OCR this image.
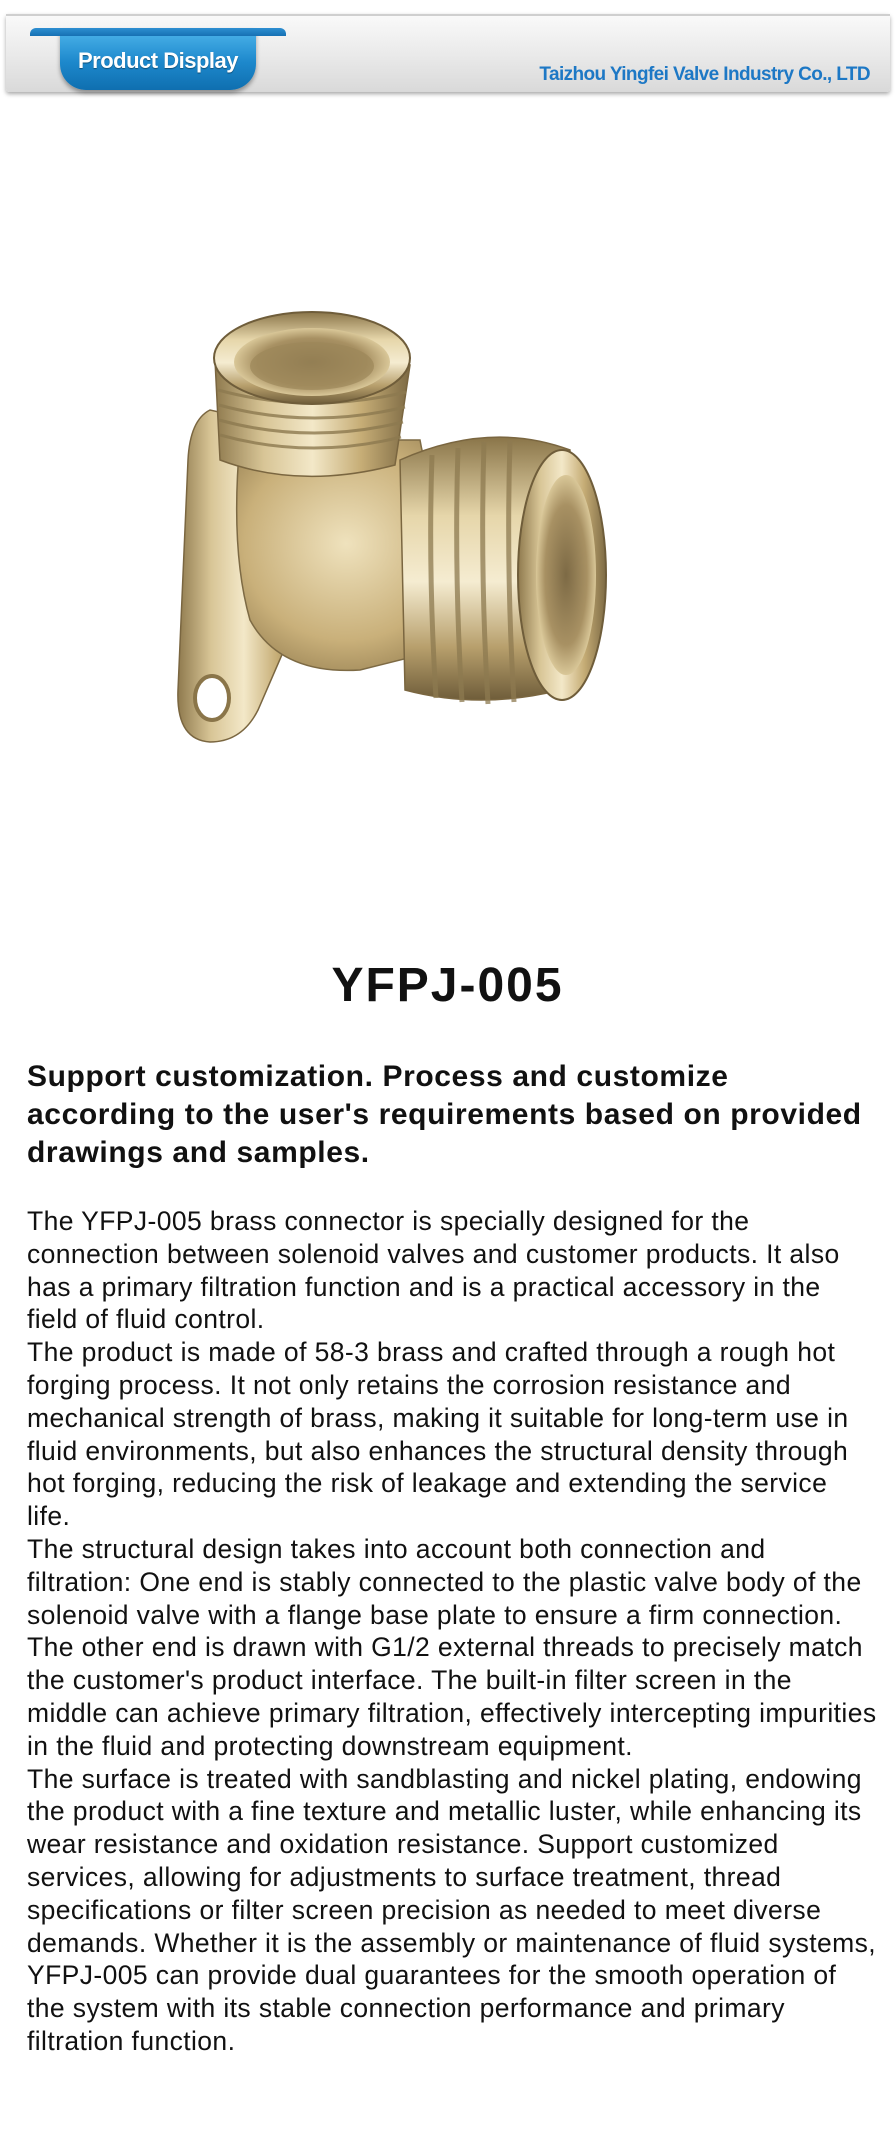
Product Display
Taizhou Yingfei Valve Industry Co., LTD
YFPJ-005
Support customization. Process and customize according to the user's requirements based on provided drawings and samples.

The YFPJ-005 brass connector is specially designed for the connection between solenoid valves and customer products. It also has a primary filtration function and is a practical accessory in the field of fluid control.

The product is made of 58-3 brass and crafted through a rough hot forging process. It not only retains the corrosion resistance and mechanical strength of brass, making it suitable for long-term use in fluid environments, but also enhances the structural density through hot forging, reducing the risk of leakage and extending the service life.

The structural design takes into account both connection and filtration: One end is stably connected to the plastic valve body of the solenoid valve with a flange base plate to ensure a firm connection. The other end is drawn with G1/2 external threads to precisely match the customer's product interface. The built-in filter screen in the middle can achieve primary filtration, effectively intercepting impurities in the fluid and protecting downstream equipment.

The surface is treated with sandblasting and nickel plating, endowing the product with a fine texture and metallic luster, while enhancing its wear resistance and oxidation resistance. Support customized services, allowing for adjustments to surface treatment, thread specifications or filter screen precision as needed to meet diverse demands. Whether it is the assembly or maintenance of fluid systems, YFPJ-005 can provide dual guarantees for the smooth operation of the system with its stable connection performance and primary filtration function.
